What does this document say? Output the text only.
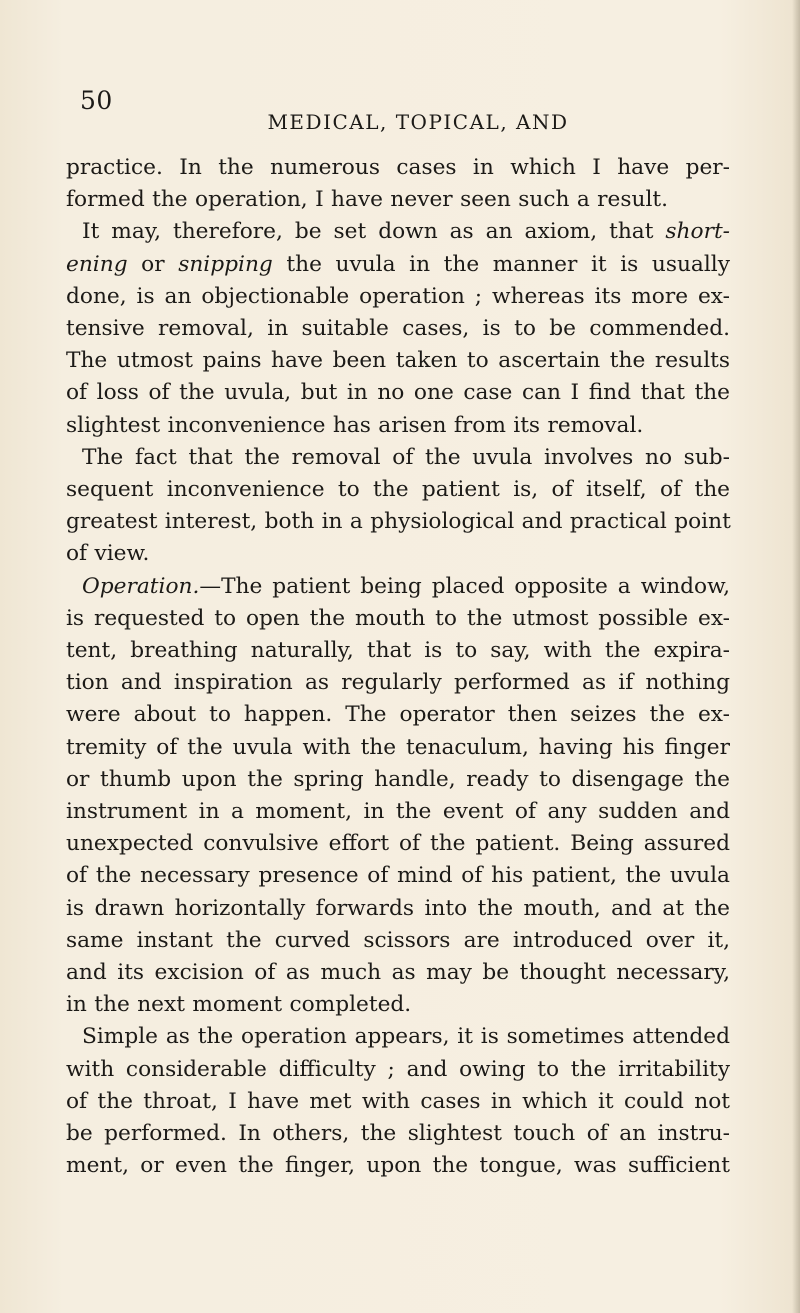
50
MEDICAL, TOPICAL, AND

practice. In the numerous cases in which I have per-
formed the operation, I have never seen such a result.

It may, therefore, be set down as an axiom, that short-
ening or snipping the uvula in the manner it is usually
done, is an objectionable operation ; whereas its more ex-
tensive removal, in suitable cases, is to be commended.
The utmost pains have been taken to ascertain the results
of loss of the uvula, but in no one case can I find that the
slightest inconvenience has arisen from its removal.

The fact that the removal of the uvula involves no sub-
sequent inconvenience to the patient is, of itself, of the
greatest interest, both in a physiological and practical point
of view.

Operation.—The patient being placed opposite a window,
is requested to open the mouth to the utmost possible ex-
tent, breathing naturally, that is to say, with the expira-
tion and inspiration as regularly performed as if nothing
were about to happen. The operator then seizes the ex-
tremity of the uvula with the tenaculum, having his finger
or thumb upon the spring handle, ready to disengage the
instrument in a moment, in the event of any sudden and
unexpected convulsive effort of the patient. Being assured
of the necessary presence of mind of his patient, the uvula
is drawn horizontally forwards into the mouth, and at the
same instant the curved scissors are introduced over it,
and its excision of as much as may be thought necessary,
in the next moment completed.

Simple as the operation appears, it is sometimes attended
with considerable difficulty ; and owing to the irritability
of the throat, I have met with cases in which it could not
be performed. In others, the slightest touch of an instru-
ment, or even the finger, upon the tongue, was sufficient
